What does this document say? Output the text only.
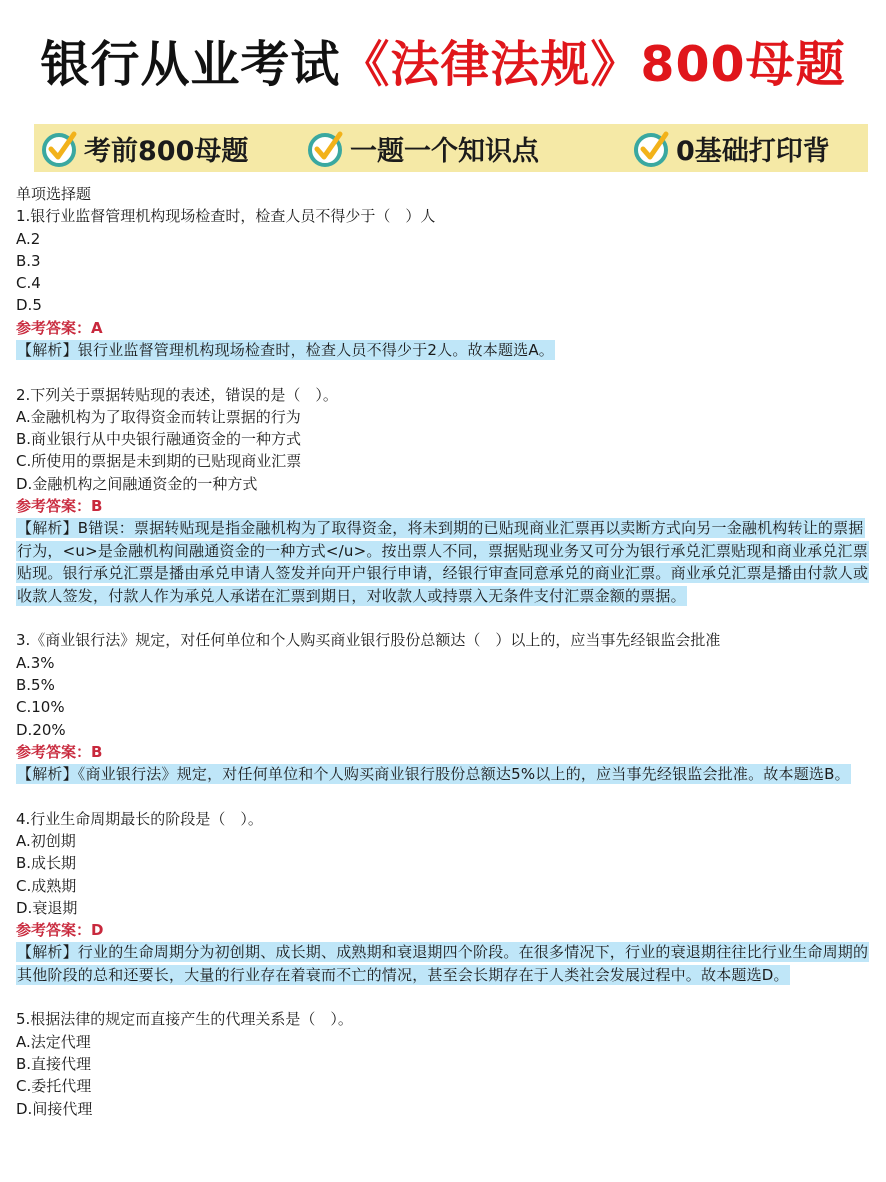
银行从业考试《法律法规》800母题
考前800母题	一题一个知识点	0基础打印背
单项选择题
1.银行业监督管理机构现场检查时，检查人员不得少于（　）人
A.2
B.3
C.4
D.5
参考答案：A
【解析】银行业监督管理机构现场检查时，检查人员不得少于2人。故本题选A。
2.下列关于票据转贴现的表述，错误的是（　）。
A.金融机构为了取得资金而转让票据的行为
B.商业银行从中央银行融通资金的一种方式
C.所使用的票据是未到期的已贴现商业汇票
D.金融机构之间融通资金的一种方式
参考答案：B
【解析】B错误：票据转贴现是指金融机构为了取得资金，将未到期的已贴现商业汇票再以卖断方式向另一金融机构转让的票据行为，<u>是金融机构间融通资金的一种方式</u>。按出票人不同，票据贴现业务又可分为银行承兑汇票贴现和商业承兑汇票贴现。银行承兑汇票是播由承兑申请人签发并向开户银行申请，经银行审查同意承兑的商业汇票。商业承兑汇票是播由付款人或收款人签发，付款人作为承兑人承诺在汇票到期日，对收款人或持票入无条件支付汇票金额的票据。
3.《商业银行法》规定，对任何单位和个人购买商业银行股份总额达（　）以上的，应当事先经银监会批准
A.3%
B.5%
C.10%
D.20%
参考答案：B
【解析】《商业银行法》规定，对任何单位和个人购买商业银行股份总额达5%以上的，应当事先经银监会批准。故本题选B。
4.行业生命周期最长的阶段是（　）。
A.初创期
B.成长期
C.成熟期
D.衰退期
参考答案：D
【解析】行业的生命周期分为初创期、成长期、成熟期和衰退期四个阶段。在很多情况下，行业的衰退期往往比行业生命周期的其他阶段的总和还要长，大量的行业存在着衰而不亡的情况，甚至会长期存在于人类社会发展过程中。故本题选D。
5.根据法律的规定而直接产生的代理关系是（　）。
A.法定代理
B.直接代理
C.委托代理
D.间接代理
